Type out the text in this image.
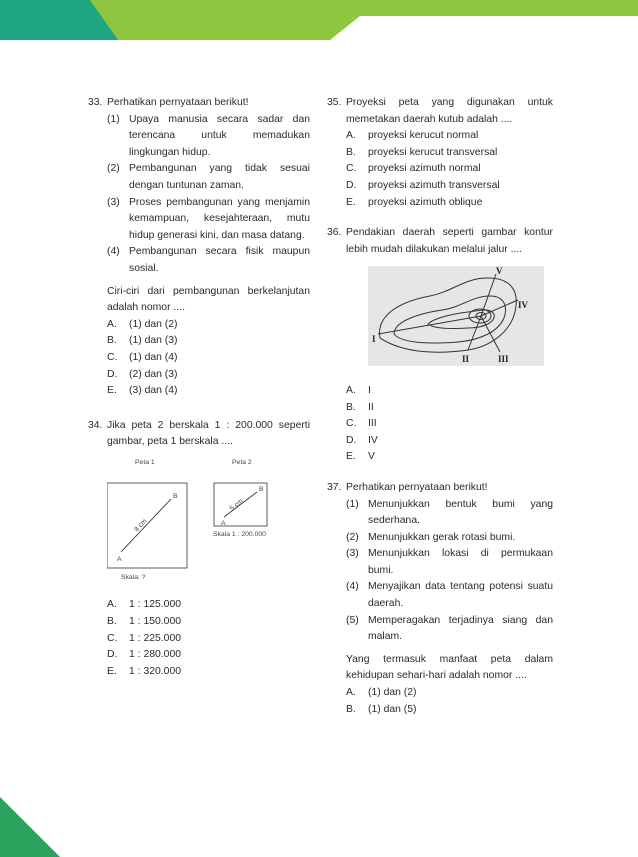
33. Perhatikan pernyataan berikut!
(1) Upaya manusia secara sadar dan terencana untuk memadukan lingkungan hidup.
(2) Pembangunan yang tidak sesuai dengan tuntunan zaman.
(3) Proses pembangunan yang menjamin kemampuan, kesejahteraan, mutu hidup generasi kini, dan masa datang.
(4) Pembangunan secara fisik maupun sosial.
Ciri-ciri dari pembangunan berkelanjutan adalah nomor ....
A. (1) dan (2)
B. (1) dan (3)
C. (1) dan (4)
D. (2) dan (3)
E. (3) dan (4)
34. Jika peta 2 berskala 1 : 200.000 seperti gambar, peta 1 berskala ....
Peta 1	Peta 2
A
B
8 cm
Skala: ?
A
B
5 cm
Skala 1 : 200.000
A. 1 : 125.000
B. 1 : 150.000
C. 1 : 225.000
D. 1 : 280.000
E. 1 : 320.000
35. Proyeksi peta yang digunakan untuk memetakan daerah kutub adalah ....
A. proyeksi kerucut normal
B. proyeksi kerucut transversal
C. proyeksi azimuth normal
D. proyeksi azimuth transversal
E. proyeksi azimuth oblique
36. Pendakian daerah seperti gambar kontur lebih mudah dilakukan melalui jalur ....
I
II	III
IV
V
A. I
B. II
C. III
D. IV
E. V
37. Perhatikan pernyataan berikut!
(1) Menunjukkan bentuk bumi yang sederhana.
(2) Menunjukkan gerak rotasi bumi.
(3) Menunjukkan lokasi di permukaan bumi.
(4) Menyajikan data tentang potensi suatu daerah.
(5) Memperagakan terjadinya siang dan malam.
Yang termasuk manfaat peta dalam kehidupan sehari-hari adalah nomor ....
A. (1) dan (2)
B. (1) dan (5)
